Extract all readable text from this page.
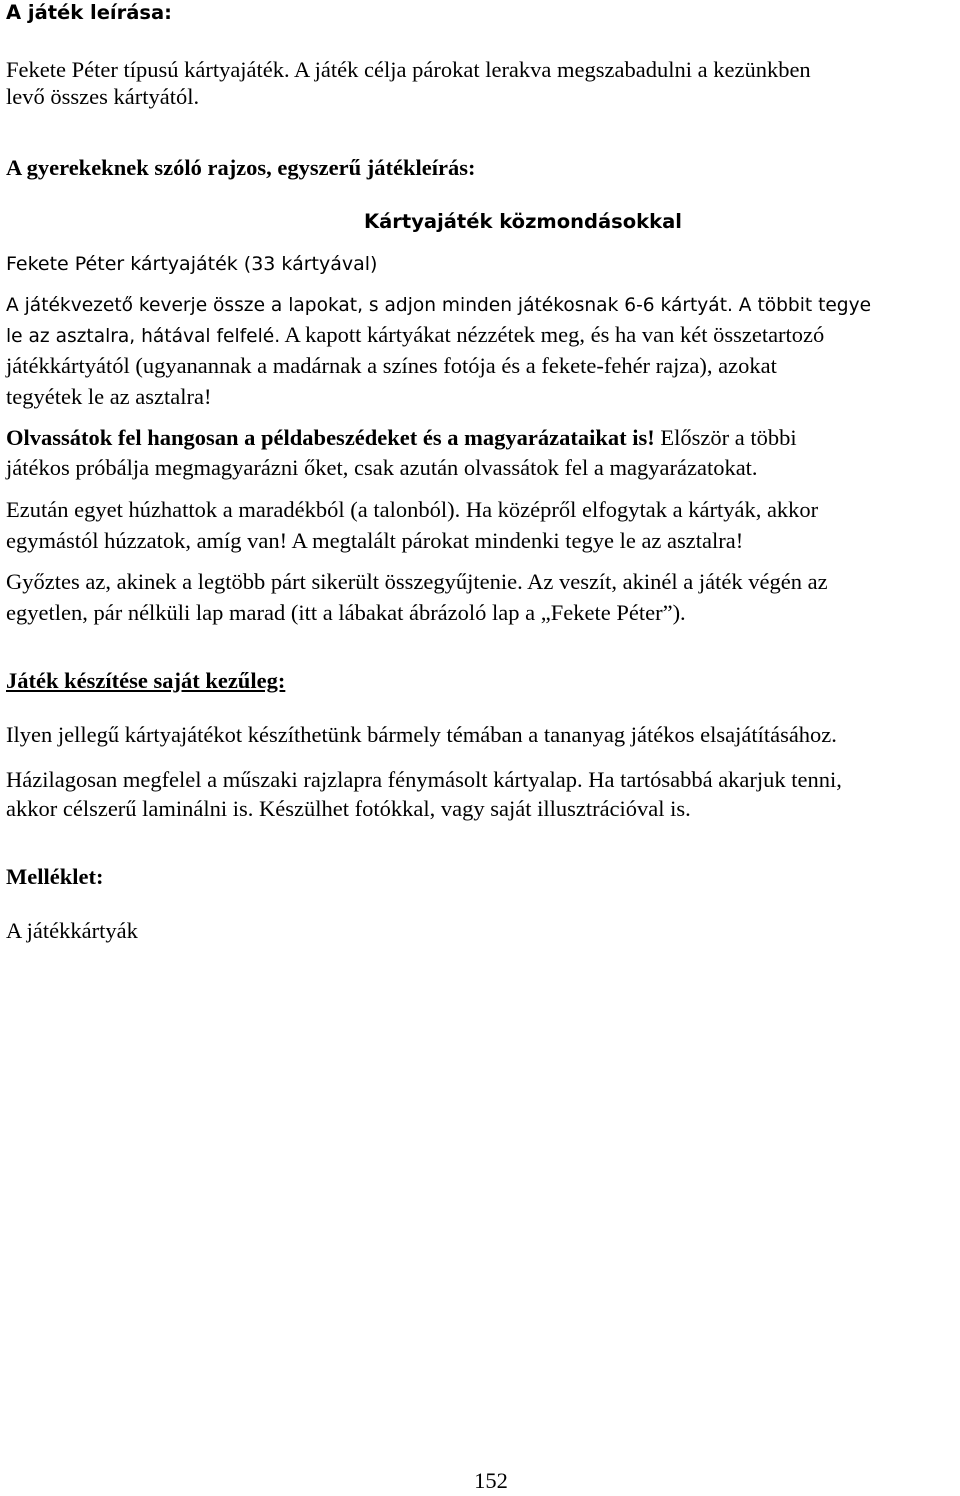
A játék leírása:

Fekete Péter típusú kártyajáték. A játék célja párokat lerakva megszabadulni a kezünkben

levő összes kártyától.

A gyerekeknek szóló rajzos, egyszerű játékleírás:

Kártyajáték közmondásokkal

Fekete Péter kártyajáték (33 kártyával)

A játékvezető keverje össze a lapokat, s adjon minden játékosnak 6-6 kártyát. A többit tegye

le az asztalra, hátával felfelé. A kapott kártyákat nézzétek meg, és ha van két összetartozó

játékkártyától (ugyanannak a madárnak a színes fotója és a fekete-fehér rajza), azokat

tegyétek le az asztalra!

Olvassátok fel hangosan a példabeszédeket és a magyarázataikat is! Először a többi

játékos próbálja megmagyarázni őket, csak azután olvassátok fel a magyarázatokat.

Ezután egyet húzhattok a maradékból (a talonból). Ha középről elfogytak a kártyák, akkor

egymástól húzzatok, amíg van! A megtalált párokat mindenki tegye le az asztalra!

Győztes az, akinek a legtöbb párt sikerült összegyűjtenie. Az veszít, akinél a játék végén az

egyetlen, pár nélküli lap marad (itt a lábakat ábrázoló lap a „Fekete Péter”).

Játék készítése saját kezűleg:

Ilyen jellegű kártyajátékot készíthetünk bármely témában a tananyag játékos elsajátításához.

Házilagosan megfelel a műszaki rajzlapra fénymásolt kártyalap. Ha tartósabbá akarjuk tenni,

akkor célszerű laminálni is. Készülhet fotókkal, vagy saját illusztrációval is.

Melléklet:

A játékkártyák

152
